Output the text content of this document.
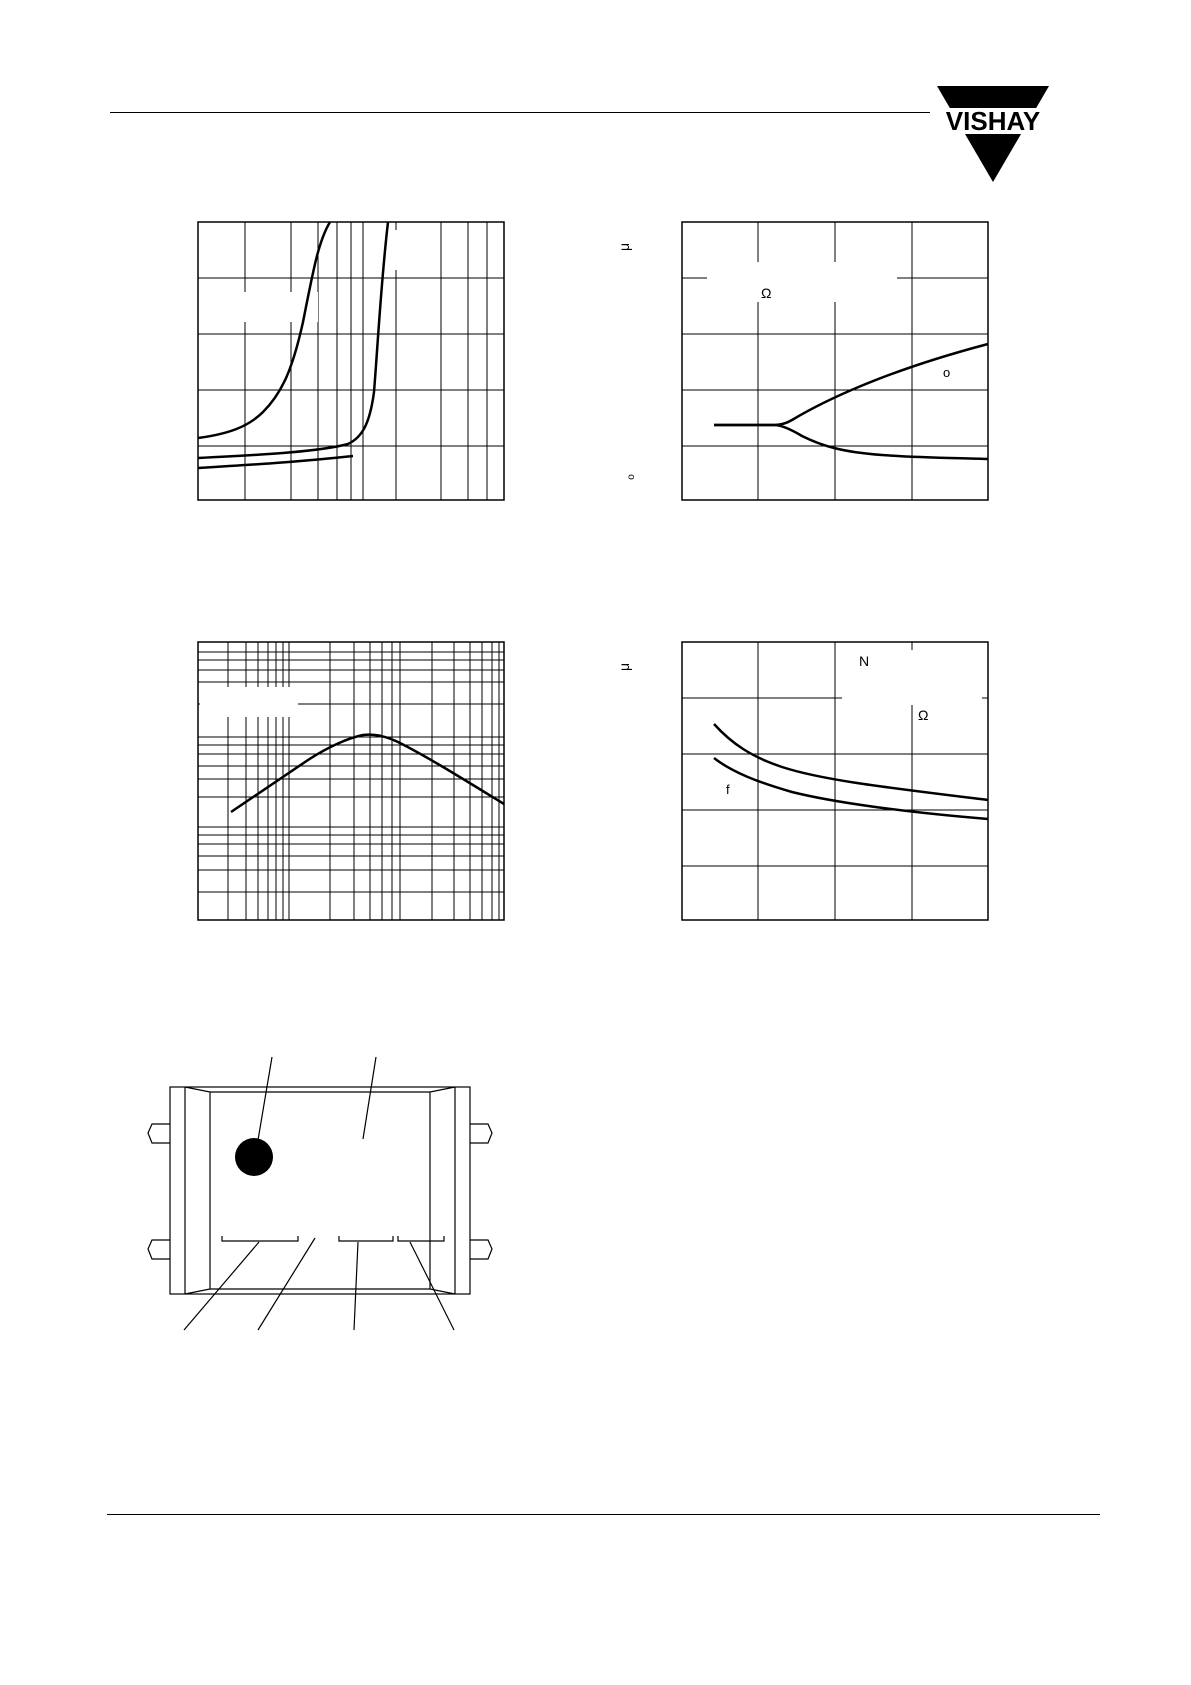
VISHAY
Ω
o
μ
o
N
Ω
f
μ
